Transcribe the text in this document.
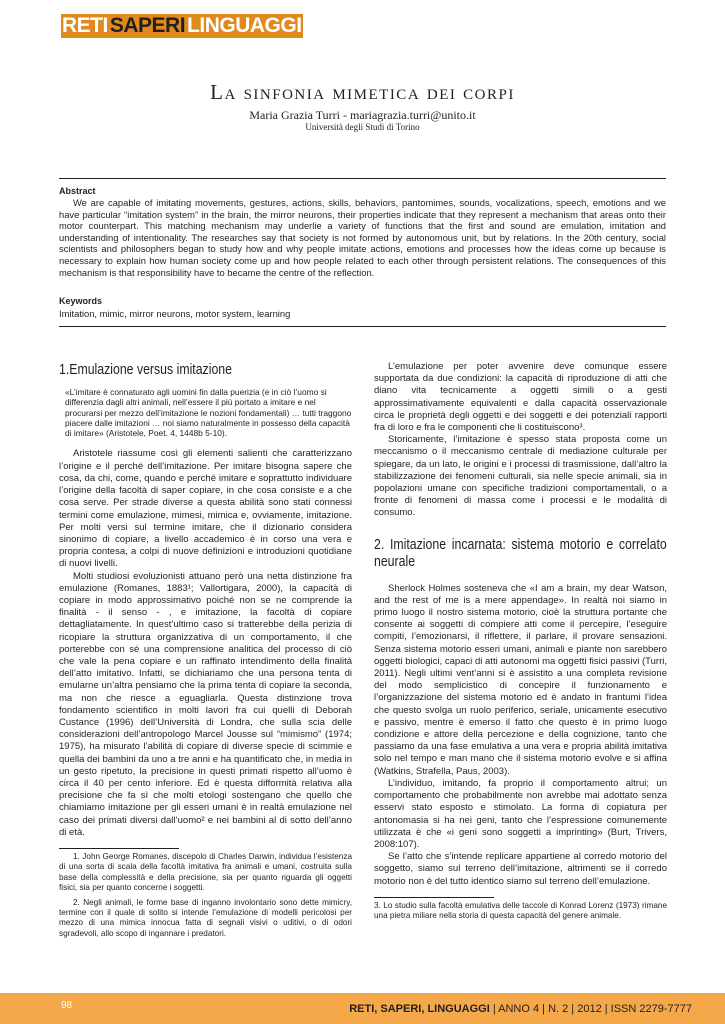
RETI SAPERI LINGUAGGI
La sinfonia mimetica dei corpi
Maria Grazia Turri - mariagrazia.turri@unito.it
Università degli Studi di Torino
Abstract
We are capable of imitating movements, gestures, actions, skills, behaviors, pantomimes, sounds, vocalizations, speech, emotions and we have particular “imitation system” in the brain, the mirror neurons, their properties indicate that they represent a mechanism that areas onto their motor counterpart. This matching mechanism may underlie a variety of functions that the first and sound are emulation, imitation and understanding of intentionality. The researches say that society is not formed by autonomous unit, but by relations. In the 20th century, social scientists and philosophers began to study how and why people imitate actions, emotions and processes how the ideas come up because is necessary to explain how human society come up and how people related to each other through persistent relations. The consequences of this mechanism is that responsibility have to became the centre of the reflection.
Keywords
Imitation, mimic, mirror neurons, motor system, learning
1.Emulazione versus imitazione
«L’imitare è connaturato agli uomini fin dalla puerizia (e in ciò l’uomo si differenzia dagli altri animali, nell’essere il più portato a imitare e nel procurarsi per mezzo dell’imitazione le nozioni fondamentali) … tutti traggono piacere dalle imitazioni … noi siamo naturalmente in possesso della capacità di imitare» (Aristotele, Poet. 4, 1448b 5-10).

Aristotele riassume così gli elementi salienti che caratterizzano l’origine e il perché dell’imitazione. Per imitare bisogna sapere che cosa, da chi, come, quando e perché imitare e soprattutto individuare l’origine della facoltà di saper copiare, in che cosa consiste e a che cosa serve. Per strade diverse a questa abilità sono stati connessi termini come emulazione, mimesi, mimica e, ovviamente, imitazione. Per molti versi sul termine imitare, che il dizionario considera sinonimo di copiare, a livello accademico è in corso una vera e propria contesa, a colpi di nuove definizioni e introduzioni quotidiane di nuovi livelli.

Molti studiosi evoluzionisti attuano però una netta distinzione fra emulazione (Romanes, 1883¹; Vallortigara, 2000), la capacità di copiare in modo approssimativo poiché non se ne comprende la finalità - il senso - , e imitazione, la facoltà di copiare dettagliatamente. In quest’ultimo caso si tratterebbe della perizia di ricopiare la struttura organizzativa di un comportamento, il che porterebbe con sé una comprensione analitica del processo di ciò che vale la pena copiare e un raffinato intendimento della finalità dell’atto imitativo. Infatti, se dichiariamo che una persona tenta di emularne un’altra pensiamo che la prima tenta di copiare la seconda, ma non che riesce a eguagliarla. Questa distinzione trova fondamento scientifico in molti lavori fra cui quelli di Deborah Custance (1996) dell’Università di Londra, che sulla scia delle considerazioni dell’antropologo Marcel Jousse sul “mimismo” (1974; 1975), ha misurato l’abilità di copiare di diverse specie di scimmie e quella dei bambini da uno a tre anni e ha quantificato che, in media in un gesto ripetuto, la precisione in questi primati rispetto all’uomo è circa il 40 per cento inferiore. Ed è questa difformità relativa alla precisione che fa sì che molti etologi sostengano che quello che chiamiamo imitazione per gli esseri umani è in realtà emulazione nel caso dei primati diversi dall’uomo² e nei bambini al di sotto dell’anno di età.

1. John George Romanes, discepolo di Charles Darwin, individua l’esistenza di una sorta di scala della facoltà imitativa fra animali e umani, costruita sulla base della complessità e della precisione, sia per quanto riguarda gli oggetti fisici, sia per quanto concerne i soggetti.

2. Negli animali, le forme base di inganno involontario sono dette mimicry, termine con il quale di solito si intende l’emulazione di modelli pericolosi per mezzo di una mimica innocua fatta di segnali visivi o uditivi, o di odori sgradevoli, allo scopo di ingannare i predatori.

L’emulazione per poter avvenire deve comunque essere supportata da due condizioni: la capacità di riproduzione di atti che diano vita tecnicamente a oggetti simili o a gesti approssimativamente equivalenti e dalla capacità osservazionale circa le proprietà degli oggetti e dei soggetti e dei potenziali rapporti fra di loro e fra le componenti che li costituiscono³.

Storicamente, l’imitazione è spesso stata proposta come un meccanismo o il meccanismo centrale di mediazione culturale per spiegare, da un lato, le origini e i processi di trasmissione, dall’altro la stabilizzazione dei fenomeni culturali, sia nelle specie animali, sia in popolazioni umane con specifiche tradizioni comportamentali, o a fronte di fenomeni di massa come i processi e le modalità di consumo.

2. Imitazione incarnata: sistema motorio e correlato neurale

Sherlock Holmes sosteneva che «I am a brain, my dear Watson, and the rest of me is a mere appendage». In realtà noi siamo in primo luogo il nostro sistema motorio, cioè la struttura portante che consente ai soggetti di compiere atti come il percepire, l’eseguire compiti, l’emozionarsi, il riflettere, il parlare, il provare sensazioni. Senza sistema motorio esseri umani, animali e piante non sarebbero oggetti biologici, capaci di atti autonomi ma oggetti fisici passivi (Turri, 2011). Negli ultimi vent’anni si è assistito a una completa revisione del modo semplicistico di concepire il funzionamento e l’organizzazione del sistema motorio ed è andato in frantumi l’idea che questo svolga un ruolo periferico, seriale, unicamente esecutivo e passivo, mentre è emerso il fatto che questo è in primo luogo condizione e attore della percezione e della cognizione, tanto che passiamo da una fase emulativa a una vera e propria abilità imitativa solo nel tempo e man mano che il sistema motorio evolve e si affina (Watkins, Strafella, Paus, 2003).

L’individuo, imitando, fa proprio il comportamento altrui; un comportamento che probabilmente non avrebbe mai adottato senza esservi stato esposto e stimolato. La forma di copiatura per antonomasia si ha nei geni, tanto che l’espressione comunemente utilizzata è che «i geni sono soggetti a imprinting» (Burt, Trivers, 2008:107).

Se l’atto che s’intende replicare appartiene al corredo motorio del soggetto, siamo sul terreno dell’imitazione, altrimenti se il corredo motorio non è del tutto identico siamo sul terreno dell’emulazione.

3. Lo studio sulla facoltà emulativa delle taccole di Konrad Lorenz (1973) rimane una pietra miliare nella storia di questa capacità del genere animale.
98	RETI, SAPERI, LINGUAGGI | ANNO 4 | N. 2 | 2012 | ISSN 2279-7777
